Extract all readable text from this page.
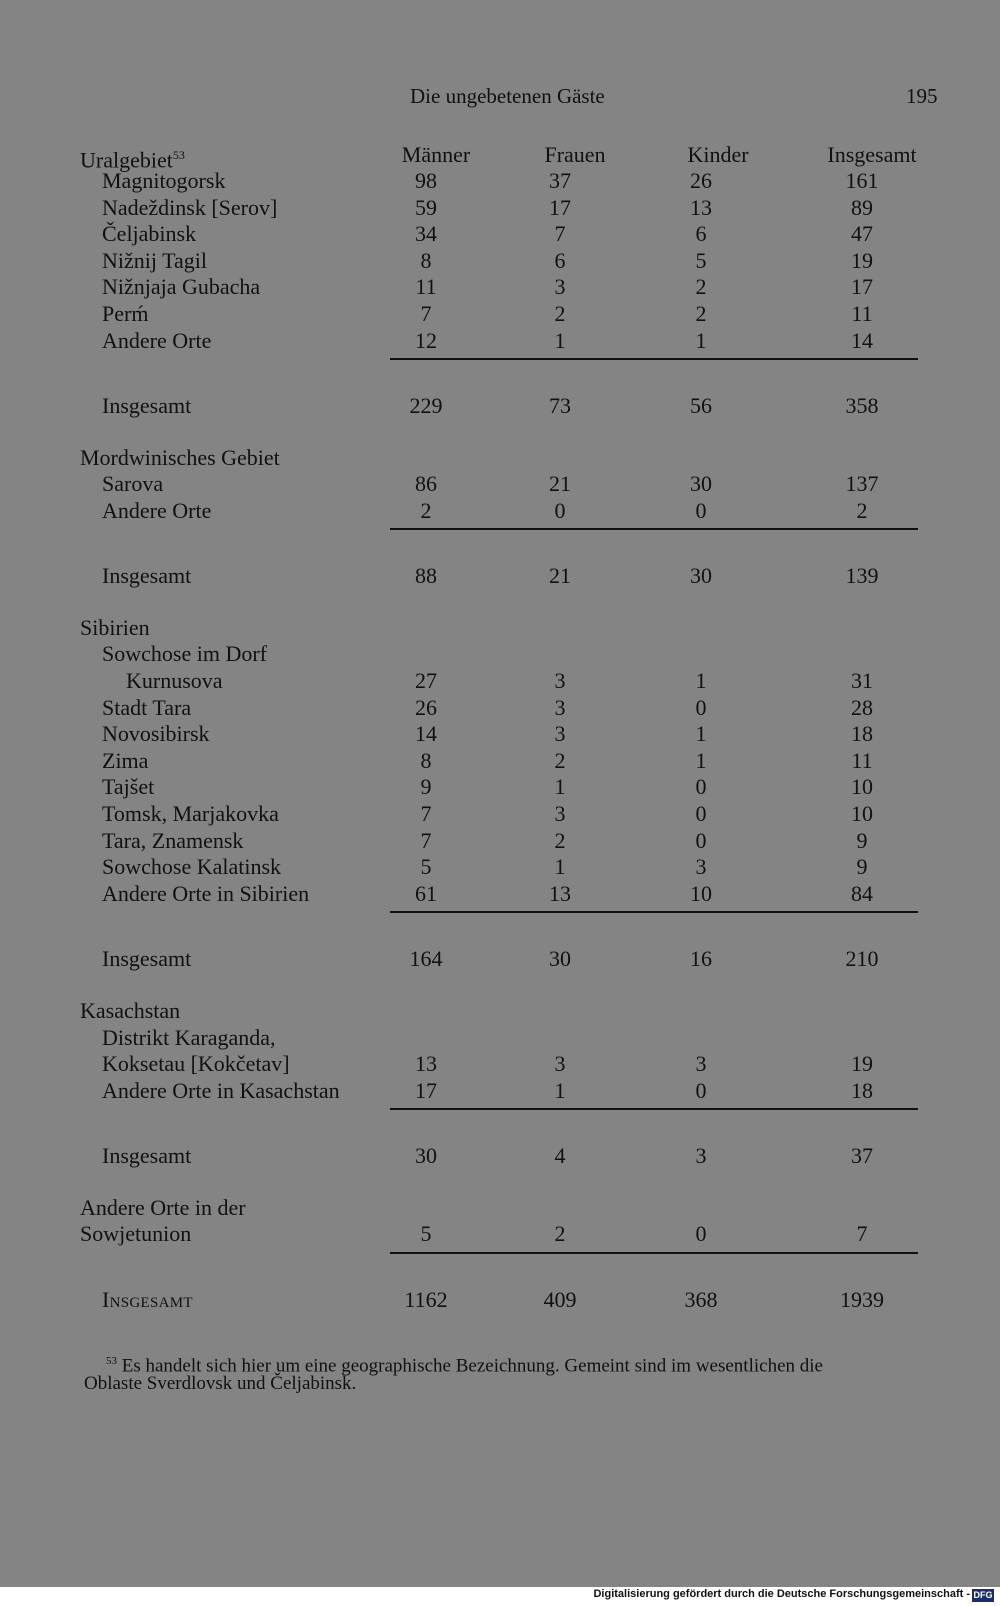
Die ungebetenen Gäste	195
Uralgebiet$^{53}$	Männer	Frauen	Kinder	Insgesamt
Magnitogorsk	98	37	26	161
Nadeždinsk [Serov]	59	17	13	89
Čeljabinsk	34	7	6	47
Nižnij Tagil	8	6	5	19
Nižnjaja Gubacha	11	3	2	17
Perḿ	7	2	2	11
Andere Orte	12	1	1	14
Insgesamt	229	73	56	358
Mordwinisches Gebiet
Sarova	86	21	30	137
Andere Orte	2	0	0	2
Insgesamt	88	21	30	139
Sibirien
Sowchose im Dorf
Kurnusova	27	3	1	31
Stadt Tara	26	3	0	28
Novosibirsk	14	3	1	18
Zima	8	2	1	11
Tajšet	9	1	0	10
Tomsk, Marjakovka	7	3	0	10
Tara, Znamensk	7	2	0	9
Sowchose Kalatinsk	5	1	3	9
Andere Orte in Sibirien	61	13	10	84
Insgesamt	164	30	16	210
Kasachstan
Distrikt Karaganda,
Koksetau [Kokčetav]	13	3	3	19
Andere Orte in Kasachstan	17	1	0	18
Insgesamt	30	4	3	37
Andere Orte in der
Sowjetunion	5	2	0	7
Insgesamt	1162	409	368	1939
$^{53}$ Es handelt sich hier um eine geographische Bezeichnung. Gemeint sind im wesentlichen die
Oblaste Sverdlovsk und Čeljabinsk.
Digitalisierung gefördert durch die Deutsche Forschungsgemeinschaft - DFG
